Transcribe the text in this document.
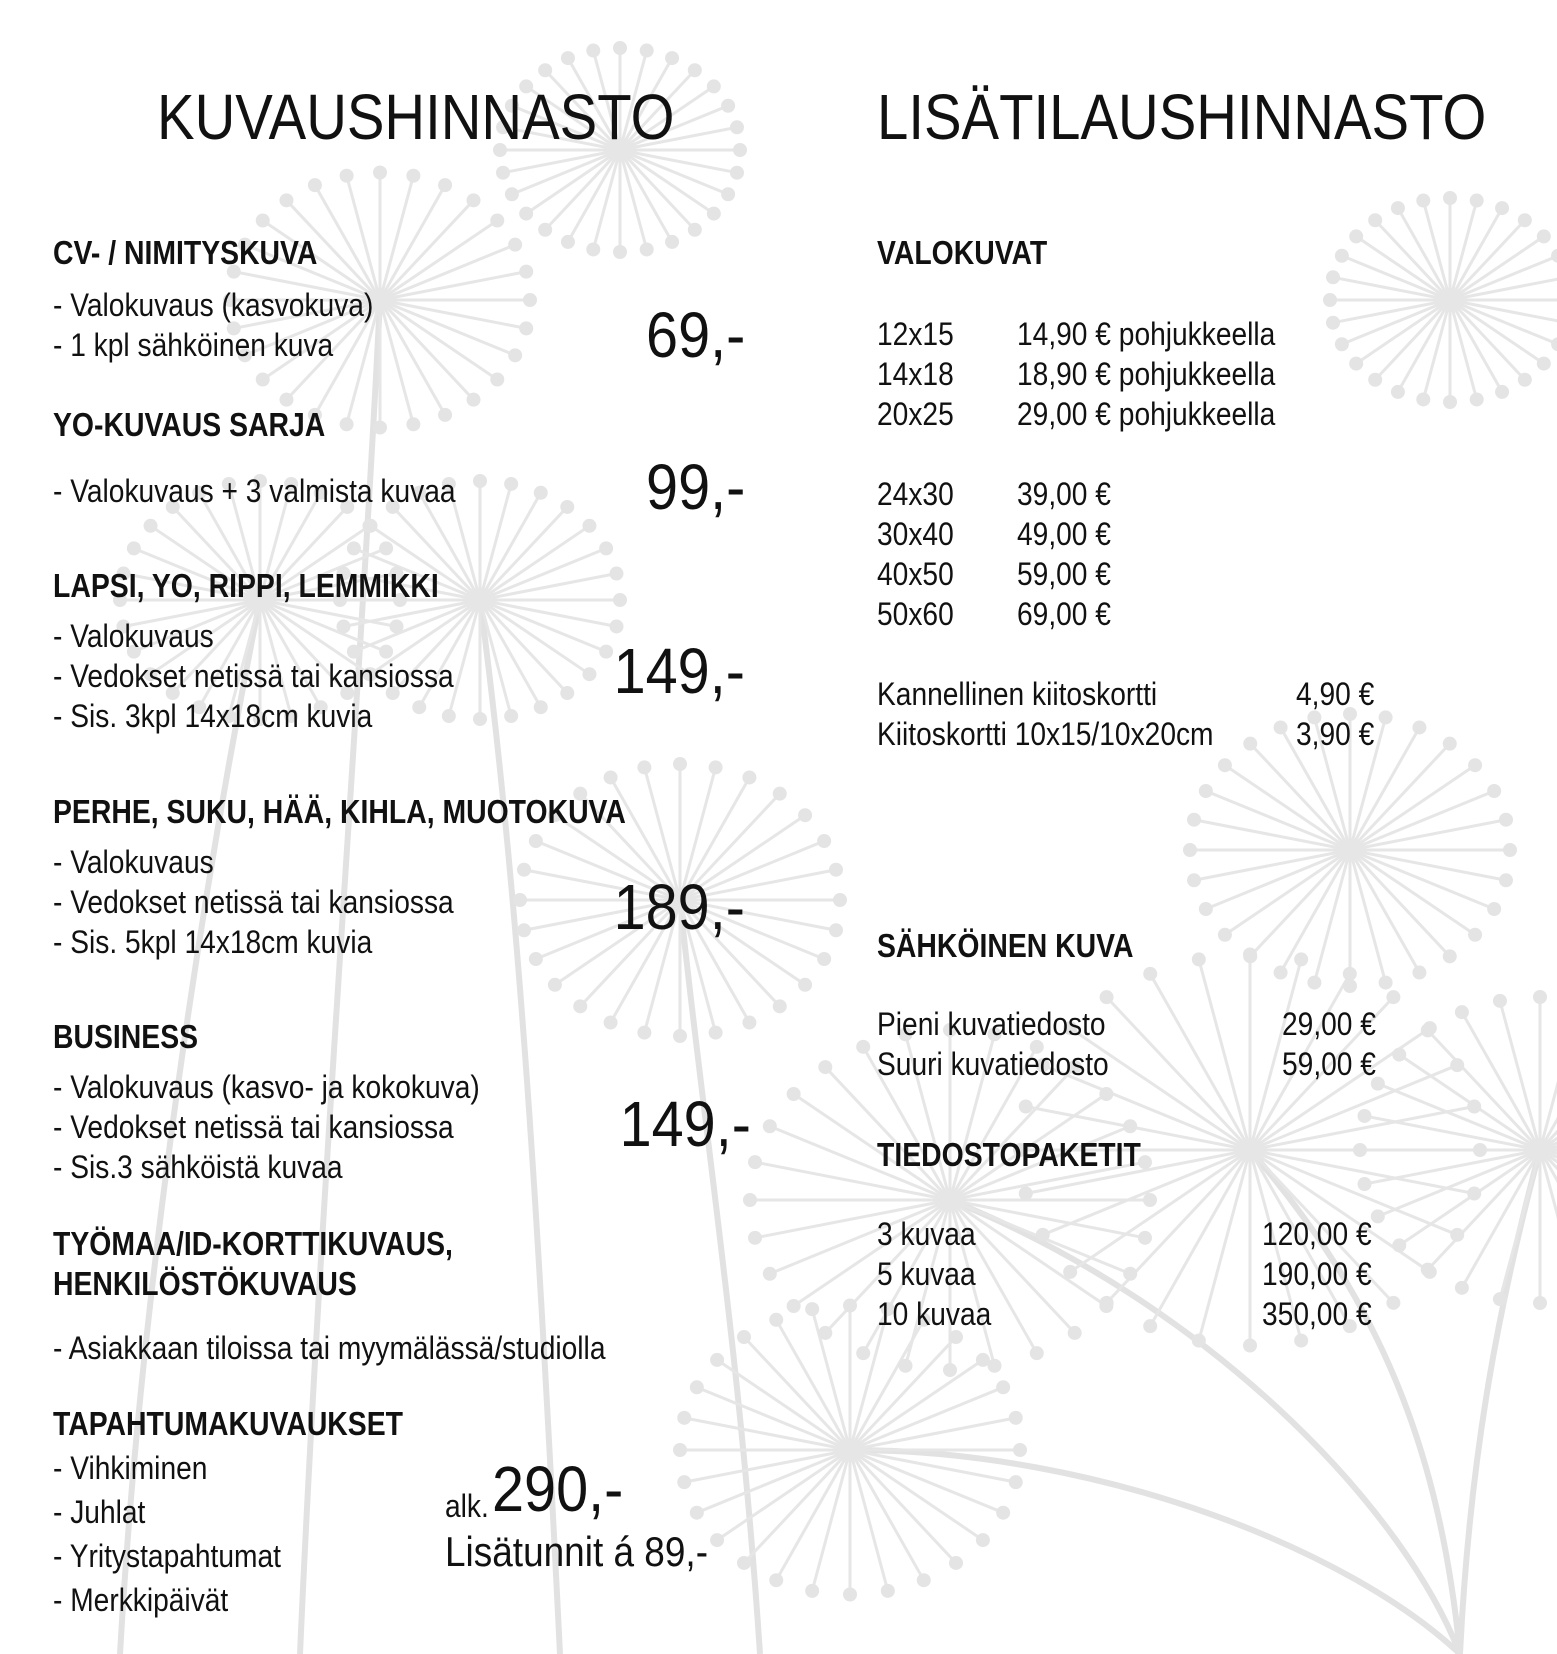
KUVAUSHINNASTO
CV- / NIMITYSKUVA
- Valokuvaus (kasvokuva)
- 1 kpl sähköinen kuva	69,-
YO-KUVAUS SARJA
- Valokuvaus + 3 valmista kuvaa	99,-
LAPSI, YO, RIPPI, LEMMIKKI
- Valokuvaus
- Vedokset netissä tai kansiossa
- Sis. 3kpl 14x18cm kuvia
149,-
PERHE, SUKU, HÄÄ, KIHLA, MUOTOKUVA
- Valokuvaus
- Vedokset netissä tai kansiossa
- Sis. 5kpl 14x18cm kuvia	189,-
BUSINESS
- Valokuvaus (kasvo- ja kokokuva)
- Vedokset netissä tai kansiossa
- Sis.3 sähköistä kuvaa
149,-
TYÖMAA/ID-KORTTIKUVAUS,
HENKILÖSTÖKUVAUS
- Asiakkaan tiloissa tai myymälässä/studiolla
TAPAHTUMAKUVAUKSET
- Vihkiminen
- Juhlat
- Yritystapahtumat
- Merkkipäivät
alk. 290,-
Lisätunnit á 89,-
LISÄTILAUSHINNASTO
VALOKUVAT
12x15 14,90 € pohjukkeella
14x18 18,90 € pohjukkeella
20x25 29,00 € pohjukkeella
24x30 39,00 €
30x40 49,00 €
40x50 59,00 €
50x60 69,00 €
Kannellinen kiitoskortti	4,90 €
Kiitoskortti 10x15/10x20cm	3,90 €
SÄHKÖINEN KUVA
Pieni kuvatiedosto	29,00 €
Suuri kuvatiedosto	59,00 €
TIEDOSTOPAKETIT
3 kuvaa	120,00 €
5 kuvaa	190,00 €
10 kuvaa	350,00 €
